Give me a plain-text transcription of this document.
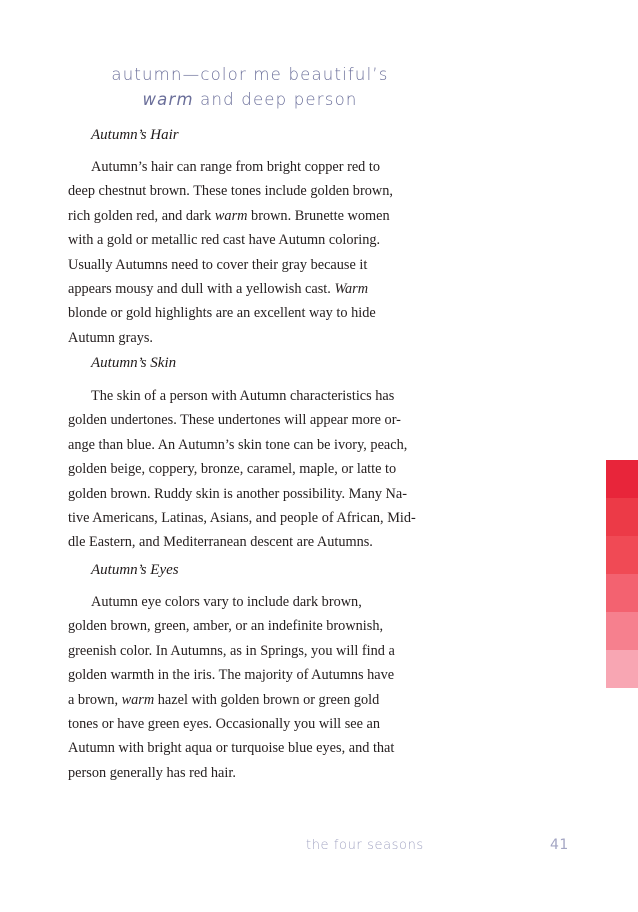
autumn—color me beautiful’s
warm and deep person
Autumn’s Hair
Autumn’s hair can range from bright copper red to
deep chestnut brown. These tones include golden brown,
rich golden red, and dark warm brown. Brunette women
with a gold or metallic red cast have Autumn coloring.
Usually Autumns need to cover their gray because it
appears mousy and dull with a yellowish cast. Warm
blonde or gold highlights are an excellent way to hide
Autumn grays.
Autumn’s Skin
The skin of a person with Autumn characteristics has
golden undertones. These undertones will appear more or-
ange than blue. An Autumn’s skin tone can be ivory, peach,
golden beige, coppery, bronze, caramel, maple, or latte to
golden brown. Ruddy skin is another possibility. Many Na-
tive Americans, Latinas, Asians, and people of African, Mid-
dle Eastern, and Mediterranean descent are Autumns.
Autumn’s Eyes
Autumn eye colors vary to include dark brown,
golden brown, green, amber, or an indefinite brownish,
greenish color. In Autumns, as in Springs, you will find a
golden warmth in the iris. The majority of Autumns have
a brown, warm hazel with golden brown or green gold
tones or have green eyes. Occasionally you will see an
Autumn with bright aqua or turquoise blue eyes, and that
person generally has red hair.
the four seasons	41
